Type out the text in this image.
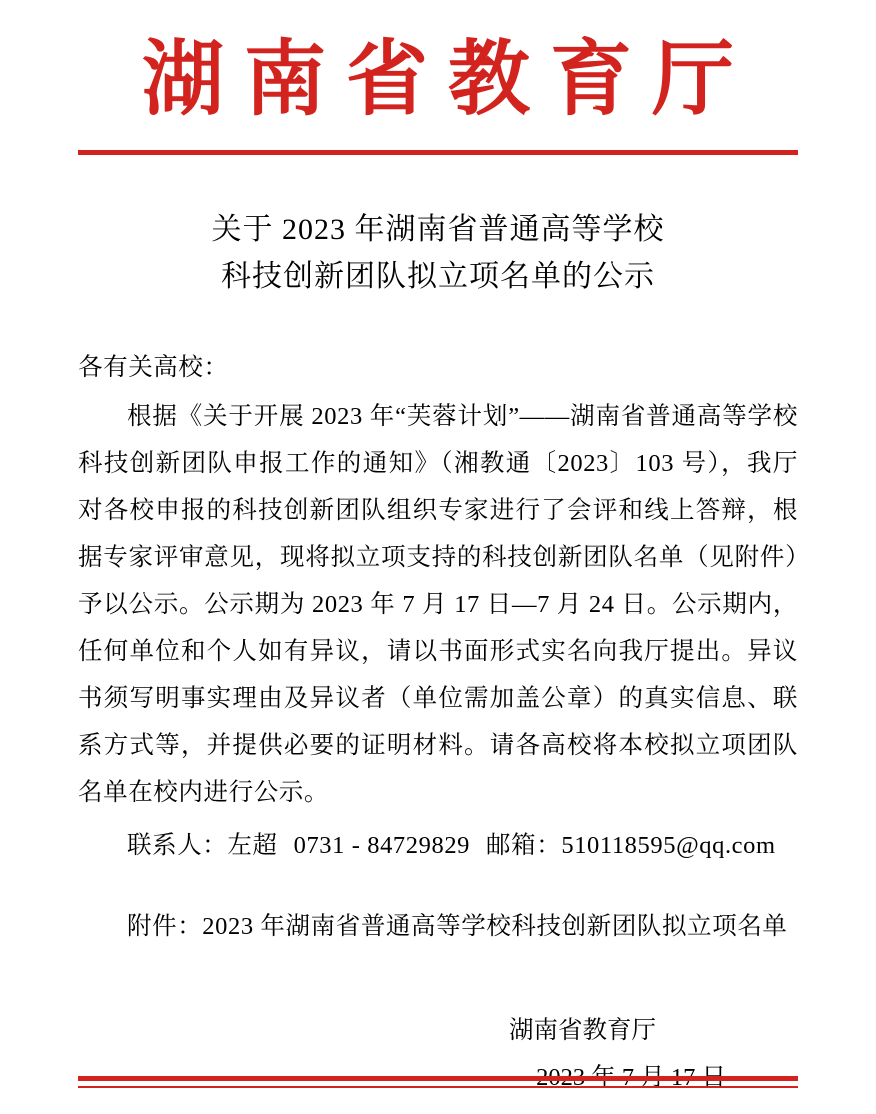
湖南省教育厅
关于 2023 年湖南省普通高等学校
科技创新团队拟立项名单的公示

各有关高校：

根据《关于开展 2023 年“芙蓉计划”——湖南省普通高等学校科技创新团队申报工作的通知》（湘教通〔2023〕103 号），我厅对各校申报的科技创新团队组织专家进行了会评和线上答辩，根据专家评审意见，现将拟立项支持的科技创新团队名单（见附件）予以公示。公示期为 2023 年 7 月 17 日—7 月 24 日。公示期内，任何单位和个人如有异议，请以书面形式实名向我厅提出。异议书须写明事实理由及异议者（单位需加盖公章）的真实信息、联系方式等，并提供必要的证明材料。请各高校将本校拟立项团队名单在校内进行公示。

联系人：左超 0731 - 84729829 邮箱：510118595@qq.com

附件：2023 年湖南省普通高等学校科技创新团队拟立项名单

湖南省教育厅
